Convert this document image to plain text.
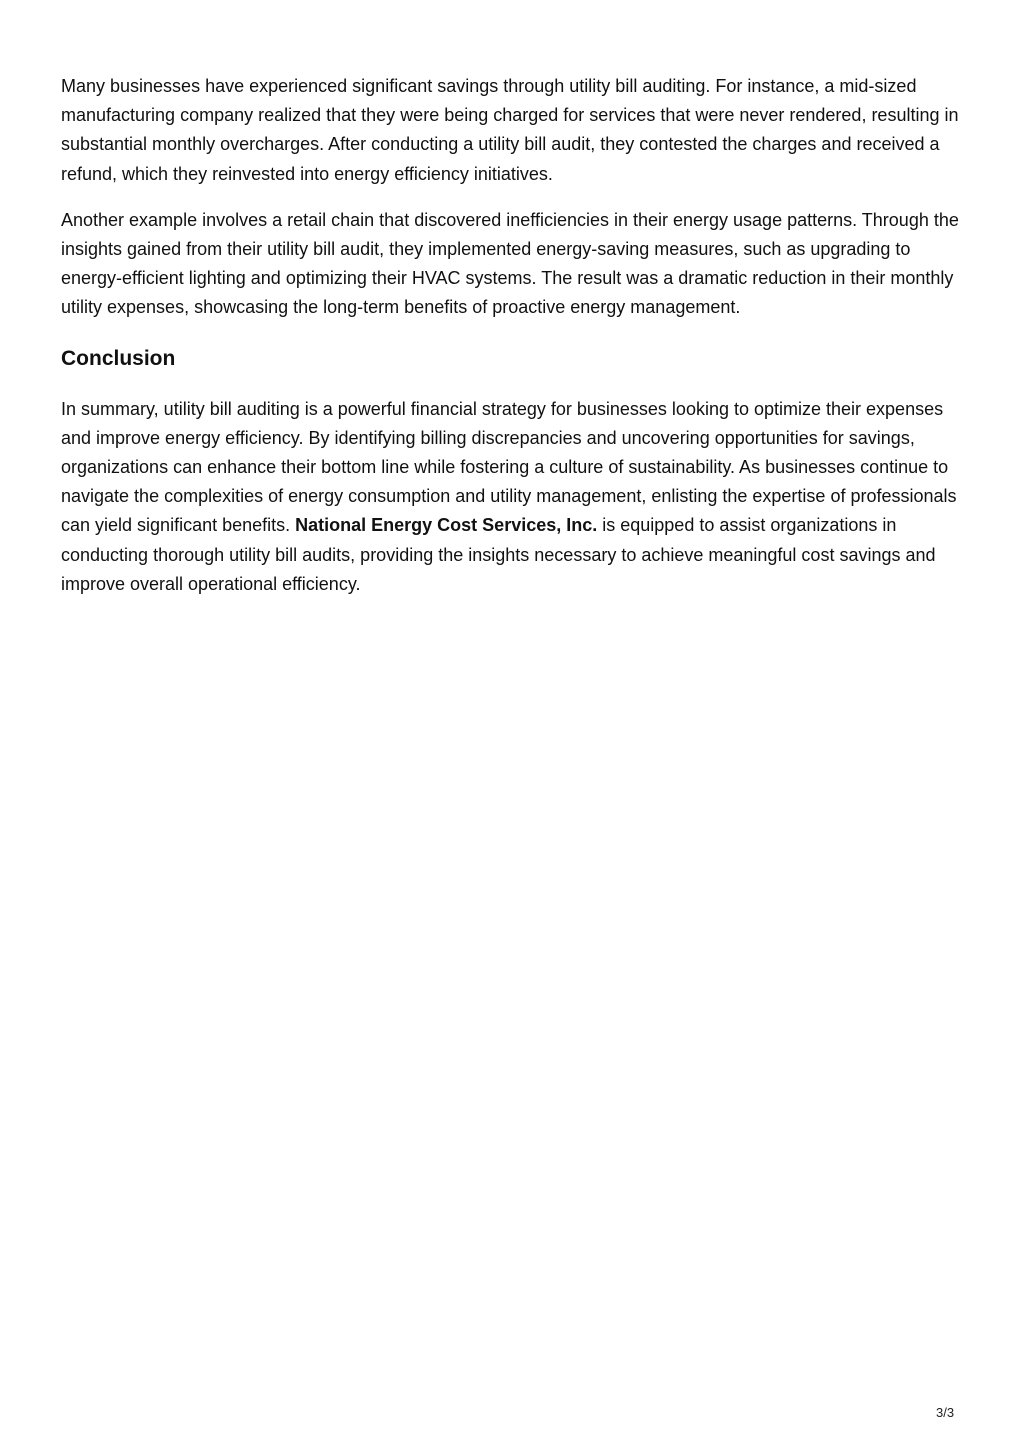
Many businesses have experienced significant savings through utility bill auditing. For instance, a mid-sized manufacturing company realized that they were being charged for services that were never rendered, resulting in substantial monthly overcharges. After conducting a utility bill audit, they contested the charges and received a refund, which they reinvested into energy efficiency initiatives.

Another example involves a retail chain that discovered inefficiencies in their energy usage patterns. Through the insights gained from their utility bill audit, they implemented energy-saving measures, such as upgrading to energy-efficient lighting and optimizing their HVAC systems. The result was a dramatic reduction in their monthly utility expenses, showcasing the long-term benefits of proactive energy management.

Conclusion

In summary, utility bill auditing is a powerful financial strategy for businesses looking to optimize their expenses and improve energy efficiency. By identifying billing discrepancies and uncovering opportunities for savings, organizations can enhance their bottom line while fostering a culture of sustainability. As businesses continue to navigate the complexities of energy consumption and utility management, enlisting the expertise of professionals can yield significant benefits. National Energy Cost Services, Inc. is equipped to assist organizations in conducting thorough utility bill audits, providing the insights necessary to achieve meaningful cost savings and improve overall operational efficiency.

3/3
